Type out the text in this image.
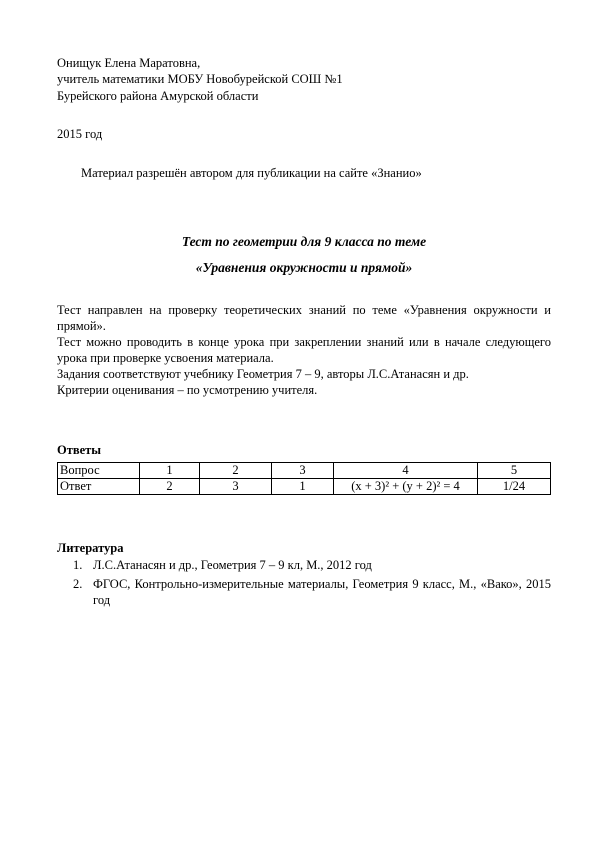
Онищук Елена Маратовна,
учитель математики МОБУ Новобурейской СОШ №1
Бурейского района Амурской области
2015 год
Материал разрешён автором для публикации на сайте «Знанио»
Тест по геометрии для 9 класса по теме
«Уравнения окружности и прямой»

Тест направлен на проверку теоретических знаний по теме «Уравнения окружности и прямой».

Тест можно проводить в конце урока при закреплении знаний или в начале следующего урока при проверке усвоения материала.

Задания соответствуют учебнику Геометрия 7 – 9, авторы Л.С.Атанасян и др.

Критерии оценивания – по усмотрению учителя.

Ответы
Вопрос	1	2	3	4	5
Ответ	2	3	1	(x + 3)² + (y + 2)² = 4	1/24
Литература
1. Л.С.Атанасян и др., Геометрия 7 – 9 кл, М., 2012 год
2. ФГОС, Контрольно-измерительные материалы, Геометрия 9 класс, М., «Вако», 2015 год
